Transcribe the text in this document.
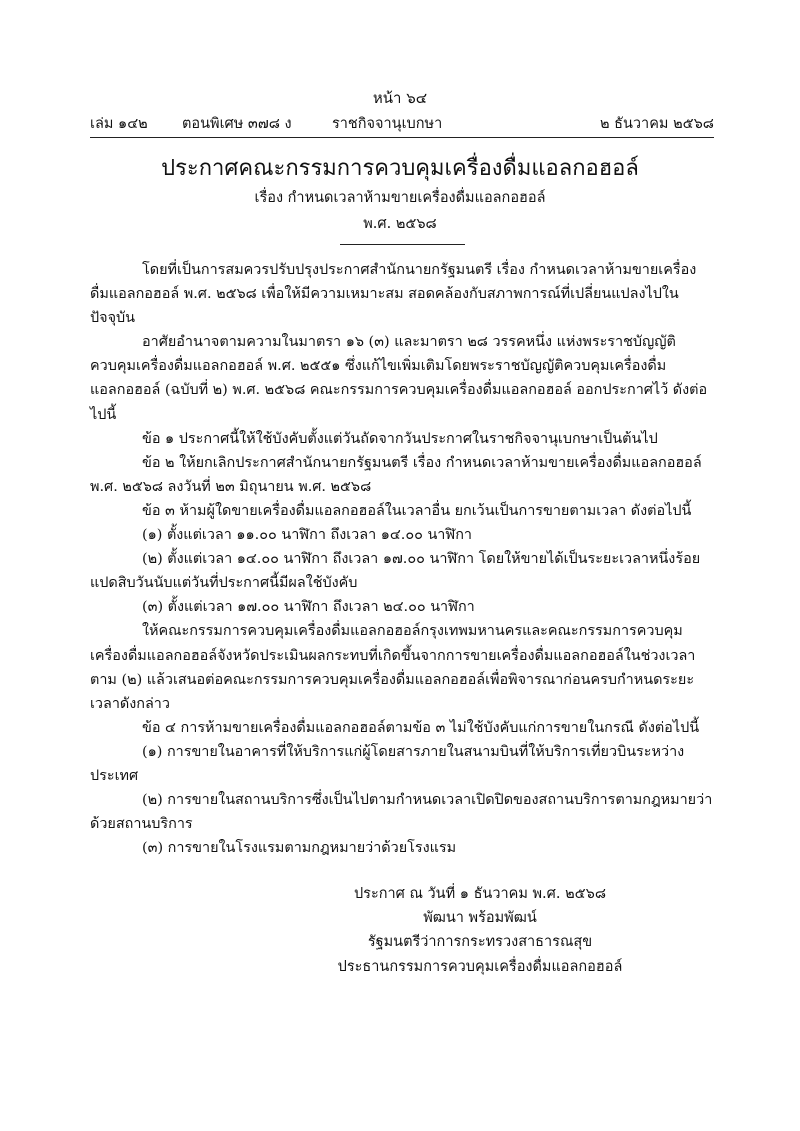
หน้า ๖๔
เล่ม ๑๔๒ ตอนพิเศษ ๓๗๘ ง	ราชกิจจานุเบกษา	๒ ธันวาคม ๒๕๖๘
ประกาศคณะกรรมการควบคุมเครื่องดื่มแอลกอฮอล์
เรื่อง กำหนดเวลาห้ามขายเครื่องดื่มแอลกอฮอล์
พ.ศ. ๒๕๖๘

โดยที่เป็นการสมควรปรับปรุงประกาศสำนักนายกรัฐมนตรี เรื่อง กำหนดเวลาห้ามขายเครื่องดื่มแอลกอฮอล์ พ.ศ. ๒๕๖๘ เพื่อให้มีความเหมาะสม สอดคล้องกับสภาพการณ์ที่เปลี่ยนแปลงไปในปัจจุบัน

อาศัยอำนาจตามความในมาตรา ๑๖ (๓) และมาตรา ๒๘ วรรคหนึ่ง แห่งพระราชบัญญัติควบคุมเครื่องดื่มแอลกอฮอล์ พ.ศ. ๒๕๕๑ ซึ่งแก้ไขเพิ่มเติมโดยพระราชบัญญัติควบคุมเครื่องดื่มแอลกอฮอล์ (ฉบับที่ ๒) พ.ศ. ๒๕๖๘ คณะกรรมการควบคุมเครื่องดื่มแอลกอฮอล์ ออกประกาศไว้ ดังต่อไปนี้

ข้อ ๑ ประกาศนี้ให้ใช้บังคับตั้งแต่วันถัดจากวันประกาศในราชกิจจานุเบกษาเป็นต้นไป

ข้อ ๒ ให้ยกเลิกประกาศสำนักนายกรัฐมนตรี เรื่อง กำหนดเวลาห้ามขายเครื่องดื่มแอลกอฮอล์ พ.ศ. ๒๕๖๘ ลงวันที่ ๒๓ มิถุนายน พ.ศ. ๒๕๖๘

ข้อ ๓ ห้ามผู้ใดขายเครื่องดื่มแอลกอฮอล์ในเวลาอื่น ยกเว้นเป็นการขายตามเวลา ดังต่อไปนี้

(๑) ตั้งแต่เวลา ๑๑.๐๐ นาฬิกา ถึงเวลา ๑๔.๐๐ นาฬิกา

(๒) ตั้งแต่เวลา ๑๔.๐๐ นาฬิกา ถึงเวลา ๑๗.๐๐ นาฬิกา โดยให้ขายได้เป็นระยะเวลาหนึ่งร้อยแปดสิบวันนับแต่วันที่ประกาศนี้มีผลใช้บังคับ

(๓) ตั้งแต่เวลา ๑๗.๐๐ นาฬิกา ถึงเวลา ๒๔.๐๐ นาฬิกา

ให้คณะกรรมการควบคุมเครื่องดื่มแอลกอฮอล์กรุงเทพมหานครและคณะกรรมการควบคุมเครื่องดื่มแอลกอฮอล์จังหวัดประเมินผลกระทบที่เกิดขึ้นจากการขายเครื่องดื่มแอลกอฮอล์ในช่วงเวลาตาม (๒) แล้วเสนอต่อคณะกรรมการควบคุมเครื่องดื่มแอลกอฮอล์เพื่อพิจารณาก่อนครบกำหนดระยะเวลาดังกล่าว

ข้อ ๔ การห้ามขายเครื่องดื่มแอลกอฮอล์ตามข้อ ๓ ไม่ใช้บังคับแก่การขายในกรณี ดังต่อไปนี้

(๑) การขายในอาคารที่ให้บริการแก่ผู้โดยสารภายในสนามบินที่ให้บริการเที่ยวบินระหว่างประเทศ

(๒) การขายในสถานบริการซึ่งเป็นไปตามกำหนดเวลาเปิดปิดของสถานบริการตามกฎหมายว่าด้วยสถานบริการ

(๓) การขายในโรงแรมตามกฎหมายว่าด้วยโรงแรม

ประกาศ ณ วันที่ ๑ ธันวาคม พ.ศ. ๒๕๖๘
พัฒนา พร้อมพัฒน์
รัฐมนตรีว่าการกระทรวงสาธารณสุข
ประธานกรรมการควบคุมเครื่องดื่มแอลกอฮอล์
